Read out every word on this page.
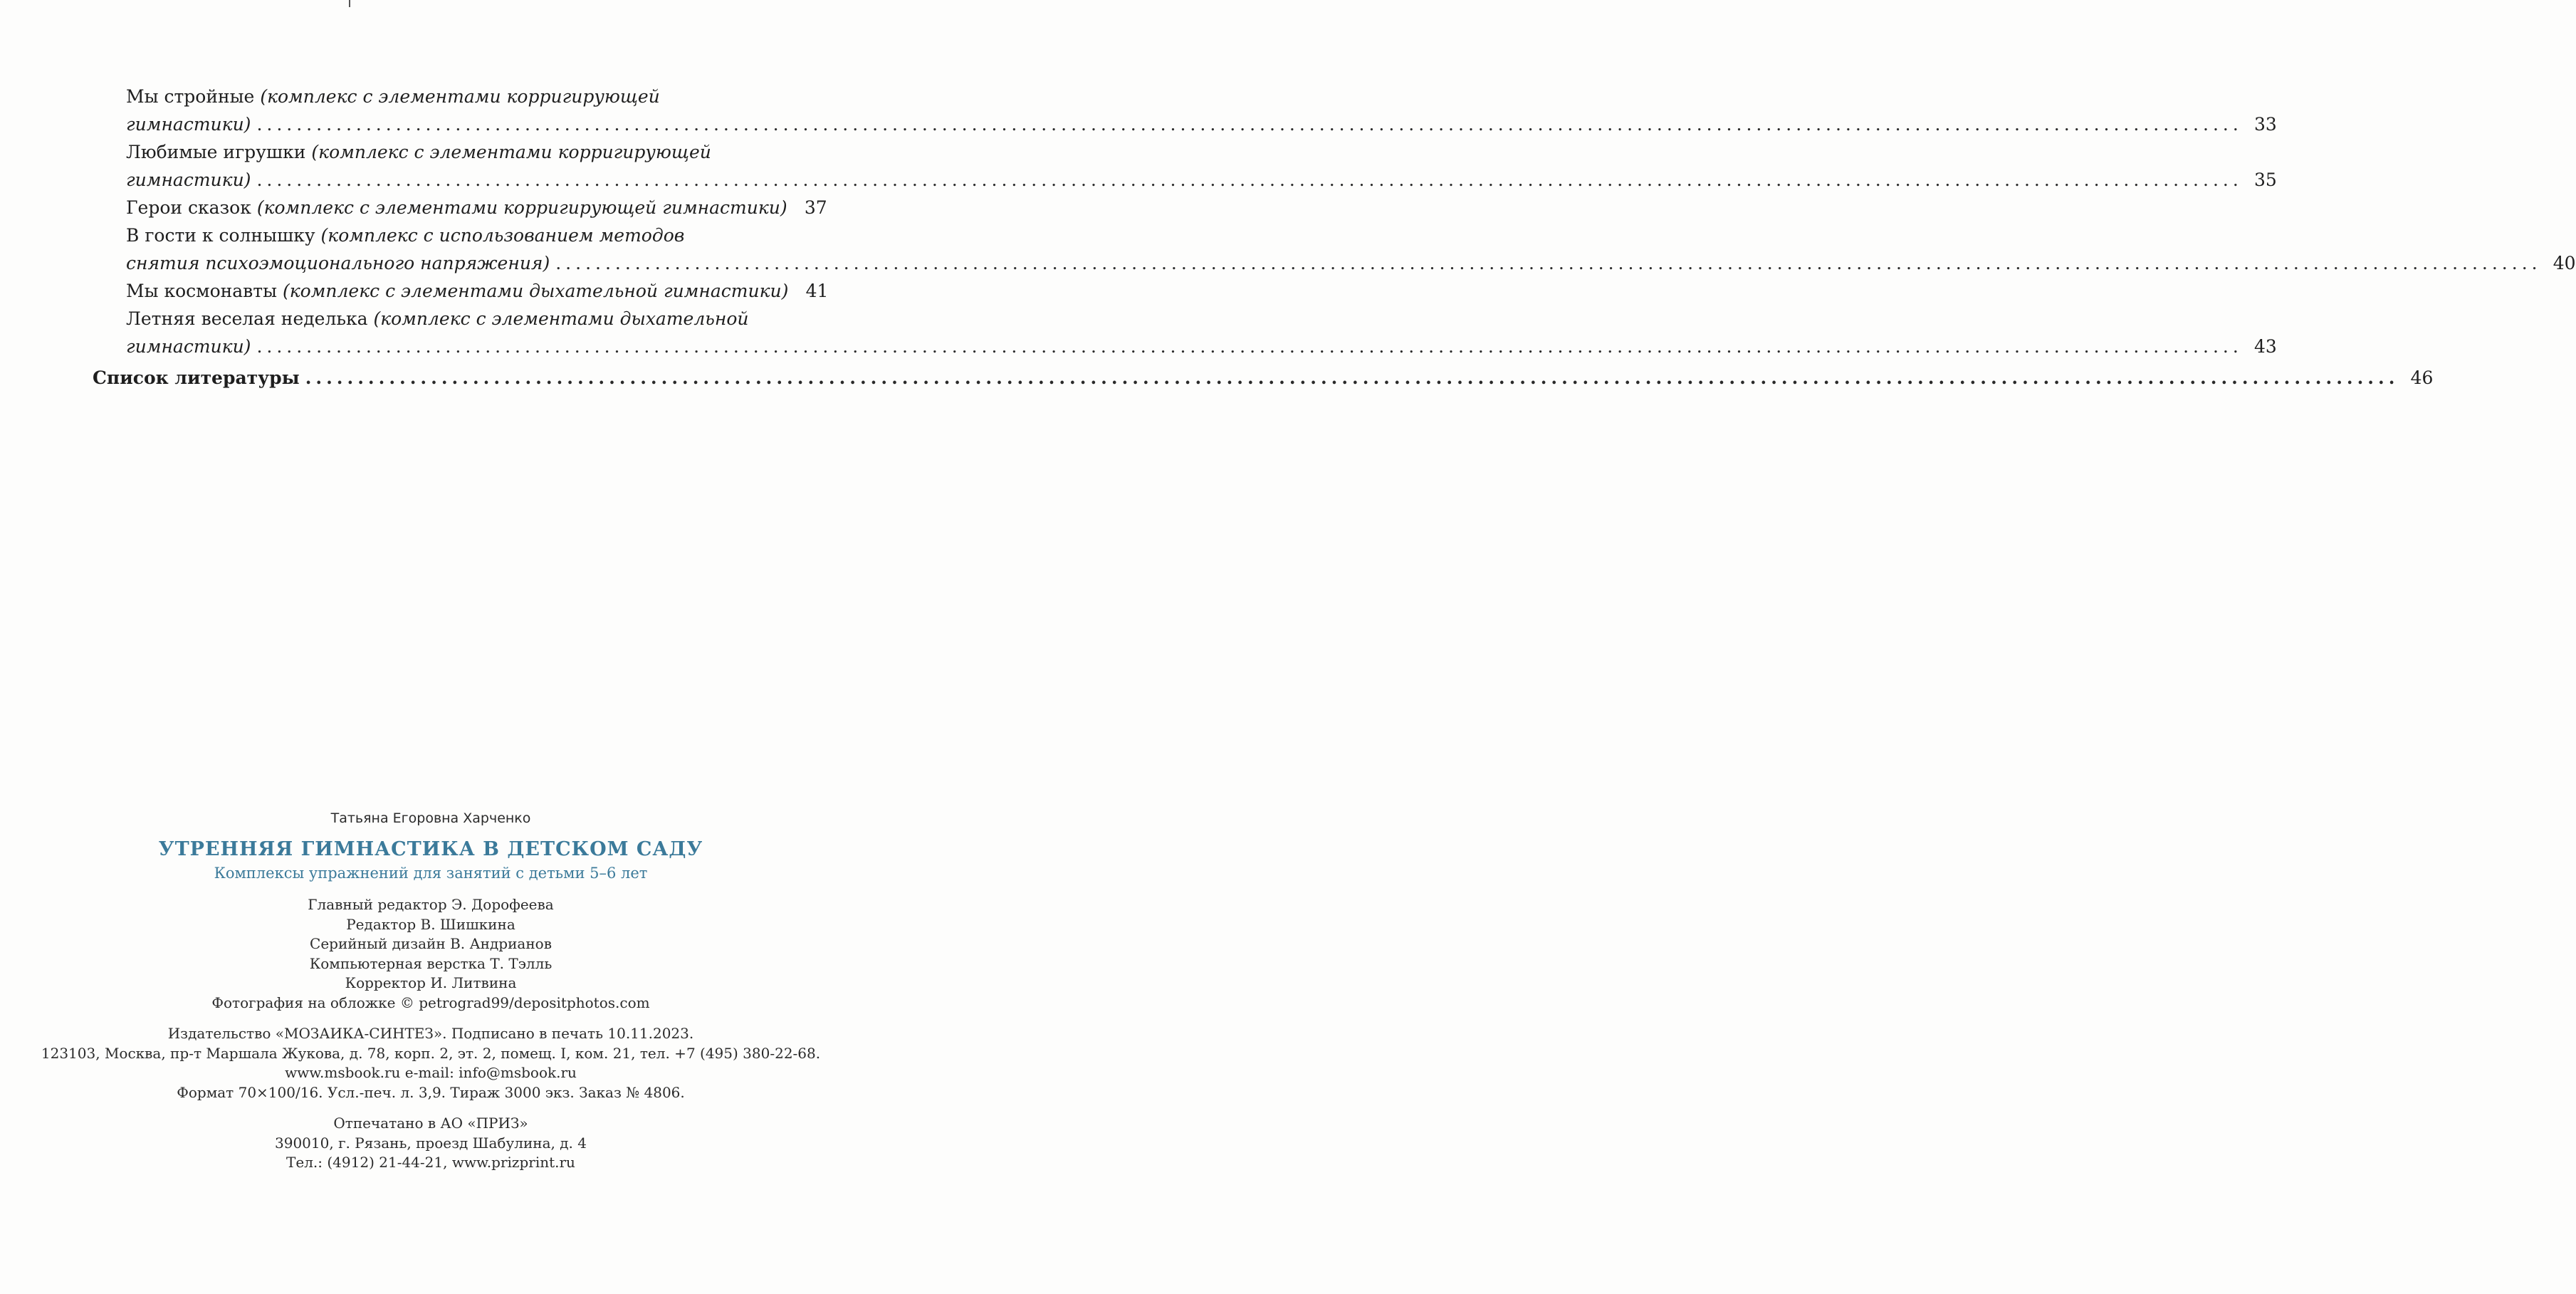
Мы стройные (комплекс с элементами корригирующей
гимнастики) ........................................................................................................................................................................................................ 33
Любимые игрушки (комплекс с элементами корригирующей
гимнастики) ........................................................................................................................................................................................................ 35
Герои сказок (комплекс с элементами корригирующей гимнастики) 37
В гости к солнышку (комплекс с использованием методов
снятия психоэмоционального напряжения) ........................................................................................................................................................................................................ 40
Мы космонавты (комплекс с элементами дыхательной гимнастики) 41
Летняя веселая неделька (комплекс с элементами дыхательной
гимнастики) ........................................................................................................................................................................................................ 43
Список литературы ........................................................................................................................................................................................................ 46
Татьяна Егоровна Харченко
УТРЕННЯЯ ГИМНАСТИКА В ДЕТСКОМ САДУ
Комплексы упражнений для занятий с детьми 5–6 лет
Главный редактор Э. Дорофеева
Редактор В. Шишкина
Серийный дизайн В. Андрианов
Компьютерная верстка Т. Тэлль
Корректор И. Литвина
Фотография на обложке © petrograd99/depositphotos.com
Издательство «МОЗАИКА-СИНТЕЗ». Подписано в печать 10.11.2023.
123103, Москва, пр-т Маршала Жукова, д. 78, корп. 2, эт. 2, помещ. I, ком. 21, тел. +7 (495) 380-22-68.
www.msbook.ru e-mail: info@msbook.ru
Формат 70×100/16. Усл.-печ. л. 3,9. Тираж 3000 экз. Заказ № 4806.
Отпечатано в АО «ПРИЗ»
390010, г. Рязань, проезд Шабулина, д. 4
Тел.: (4912) 21-44-21, www.prizprint.ru
